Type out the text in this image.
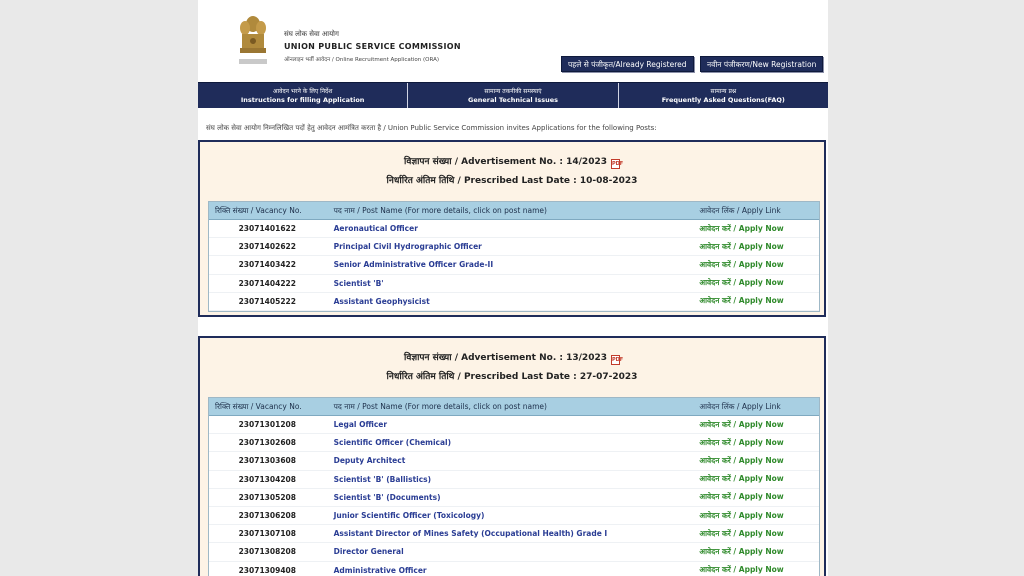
संघ लोक सेवा आयोग
UNION PUBLIC SERVICE COMMISSION
ऑनलाइन भर्ती आवेदन / Online Recruitment Application (ORA)	पहले से पंजीकृत/Already Registered	नवीन पंजीकरण/New Registration
आवेदन भरने के लिए निर्देश
Instructions for filling Application
सामान्य तकनीकी समस्याएं
General Technical Issues
सामान्य प्रश्न
Frequently Asked Questions(FAQ)
संघ लोक सेवा आयोग निम्नलिखित पदों हेतु आवेदन आमंत्रित करता है / Union Public Service Commission invites Applications for the following Posts:
विज्ञापन संख्या / Advertisement No. : 14/2023 PDF
निर्धारित अंतिम तिथि / Prescribed Last Date : 10-08-2023
रिक्ति संख्या / Vacancy No.	पद नाम / Post Name (For more details, click on post name)	आवेदन लिंक / Apply Link
23071401622	Aeronautical Officer	आवेदन करें / Apply Now
23071402622	Principal Civil Hydrographic Officer	आवेदन करें / Apply Now
23071403422	Senior Administrative Officer Grade-II	आवेदन करें / Apply Now
23071404222	Scientist 'B'	आवेदन करें / Apply Now
23071405222	Assistant Geophysicist	आवेदन करें / Apply Now
विज्ञापन संख्या / Advertisement No. : 13/2023 PDF
निर्धारित अंतिम तिथि / Prescribed Last Date : 27-07-2023
रिक्ति संख्या / Vacancy No.	पद नाम / Post Name (For more details, click on post name)	आवेदन लिंक / Apply Link
23071301208	Legal Officer	आवेदन करें / Apply Now
23071302608	Scientific Officer (Chemical)	आवेदन करें / Apply Now
23071303608	Deputy Architect	आवेदन करें / Apply Now
23071304208	Scientist 'B' (Ballistics)	आवेदन करें / Apply Now
23071305208	Scientist 'B' (Documents)	आवेदन करें / Apply Now
23071306208	Junior Scientific Officer (Toxicology)	आवेदन करें / Apply Now
23071307108	Assistant Director of Mines Safety (Occupational Health) Grade I	आवेदन करें / Apply Now
23071308208	Director General	आवेदन करें / Apply Now
23071309408	Administrative Officer	आवेदन करें / Apply Now
